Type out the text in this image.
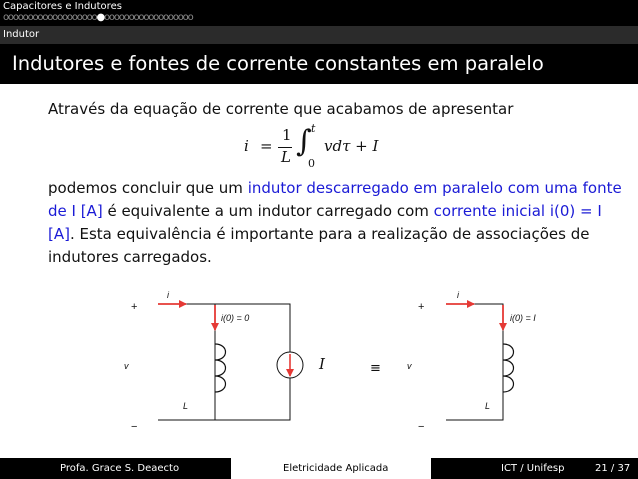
Capacitores e Indutores
ooooooooooooooooooo●oooooooooooooooooo
Indutor
Indutores e fontes de corrente constantes em paralelo
Através da equação de corrente que acabamos de apresentar
i =
1
L ∫ t
0
vdτ + I
podemos concluir que um indutor descarregado em paralelo com uma fonte de I [A] é equivalente a um indutor carregado com corrente inicial i(0) = I [A]. Esta equivalência é importante para a realização de associações de indutores carregados.
+
−
v
i
i(0) = 0
L
I	≡
+
−
v
i
i(0) = I
L
Profa. Grace S. Deaecto	Eletricidade Aplicada	ICT / Unifesp	21 / 37
